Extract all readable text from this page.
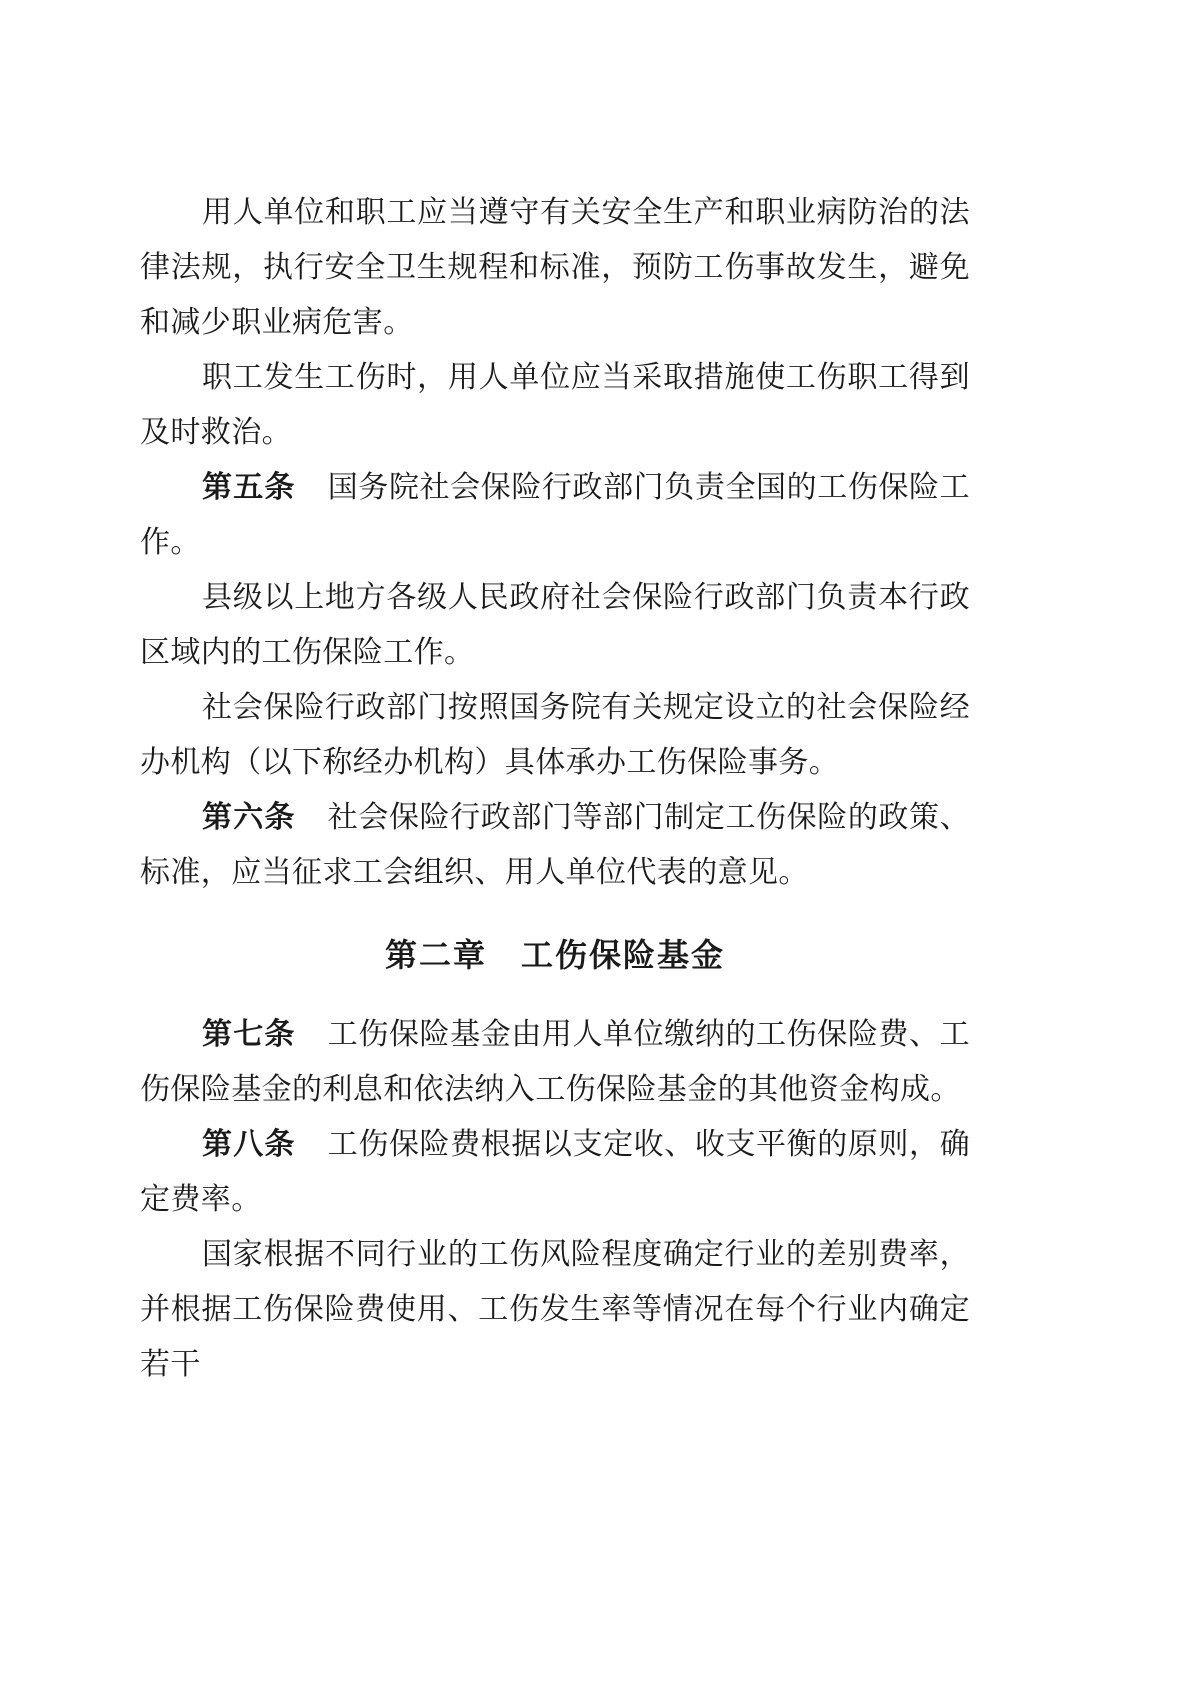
用人单位和职工应当遵守有关安全生产和职业病防治的法律法规，执行安全卫生规程和标准，预防工伤事故发生，避免和减少职业病危害。

职工发生工伤时，用人单位应当采取措施使工伤职工得到及时救治。

第五条 国务院社会保险行政部门负责全国的工伤保险工作。

县级以上地方各级人民政府社会保险行政部门负责本行政区域内的工伤保险工作。

社会保险行政部门按照国务院有关规定设立的社会保险经办机构（以下称经办机构）具体承办工伤保险事务。

第六条 社会保险行政部门等部门制定工伤保险的政策、标准，应当征求工会组织、用人单位代表的意见。

第二章 工伤保险基金

第七条 工伤保险基金由用人单位缴纳的工伤保险费、工伤保险基金的利息和依法纳入工伤保险基金的其他资金构成。

第八条 工伤保险费根据以支定收、收支平衡的原则，确定费率。

国家根据不同行业的工伤风险程度确定行业的差别费率，并根据工伤保险费使用、工伤发生率等情况在每个行业内确定若干
